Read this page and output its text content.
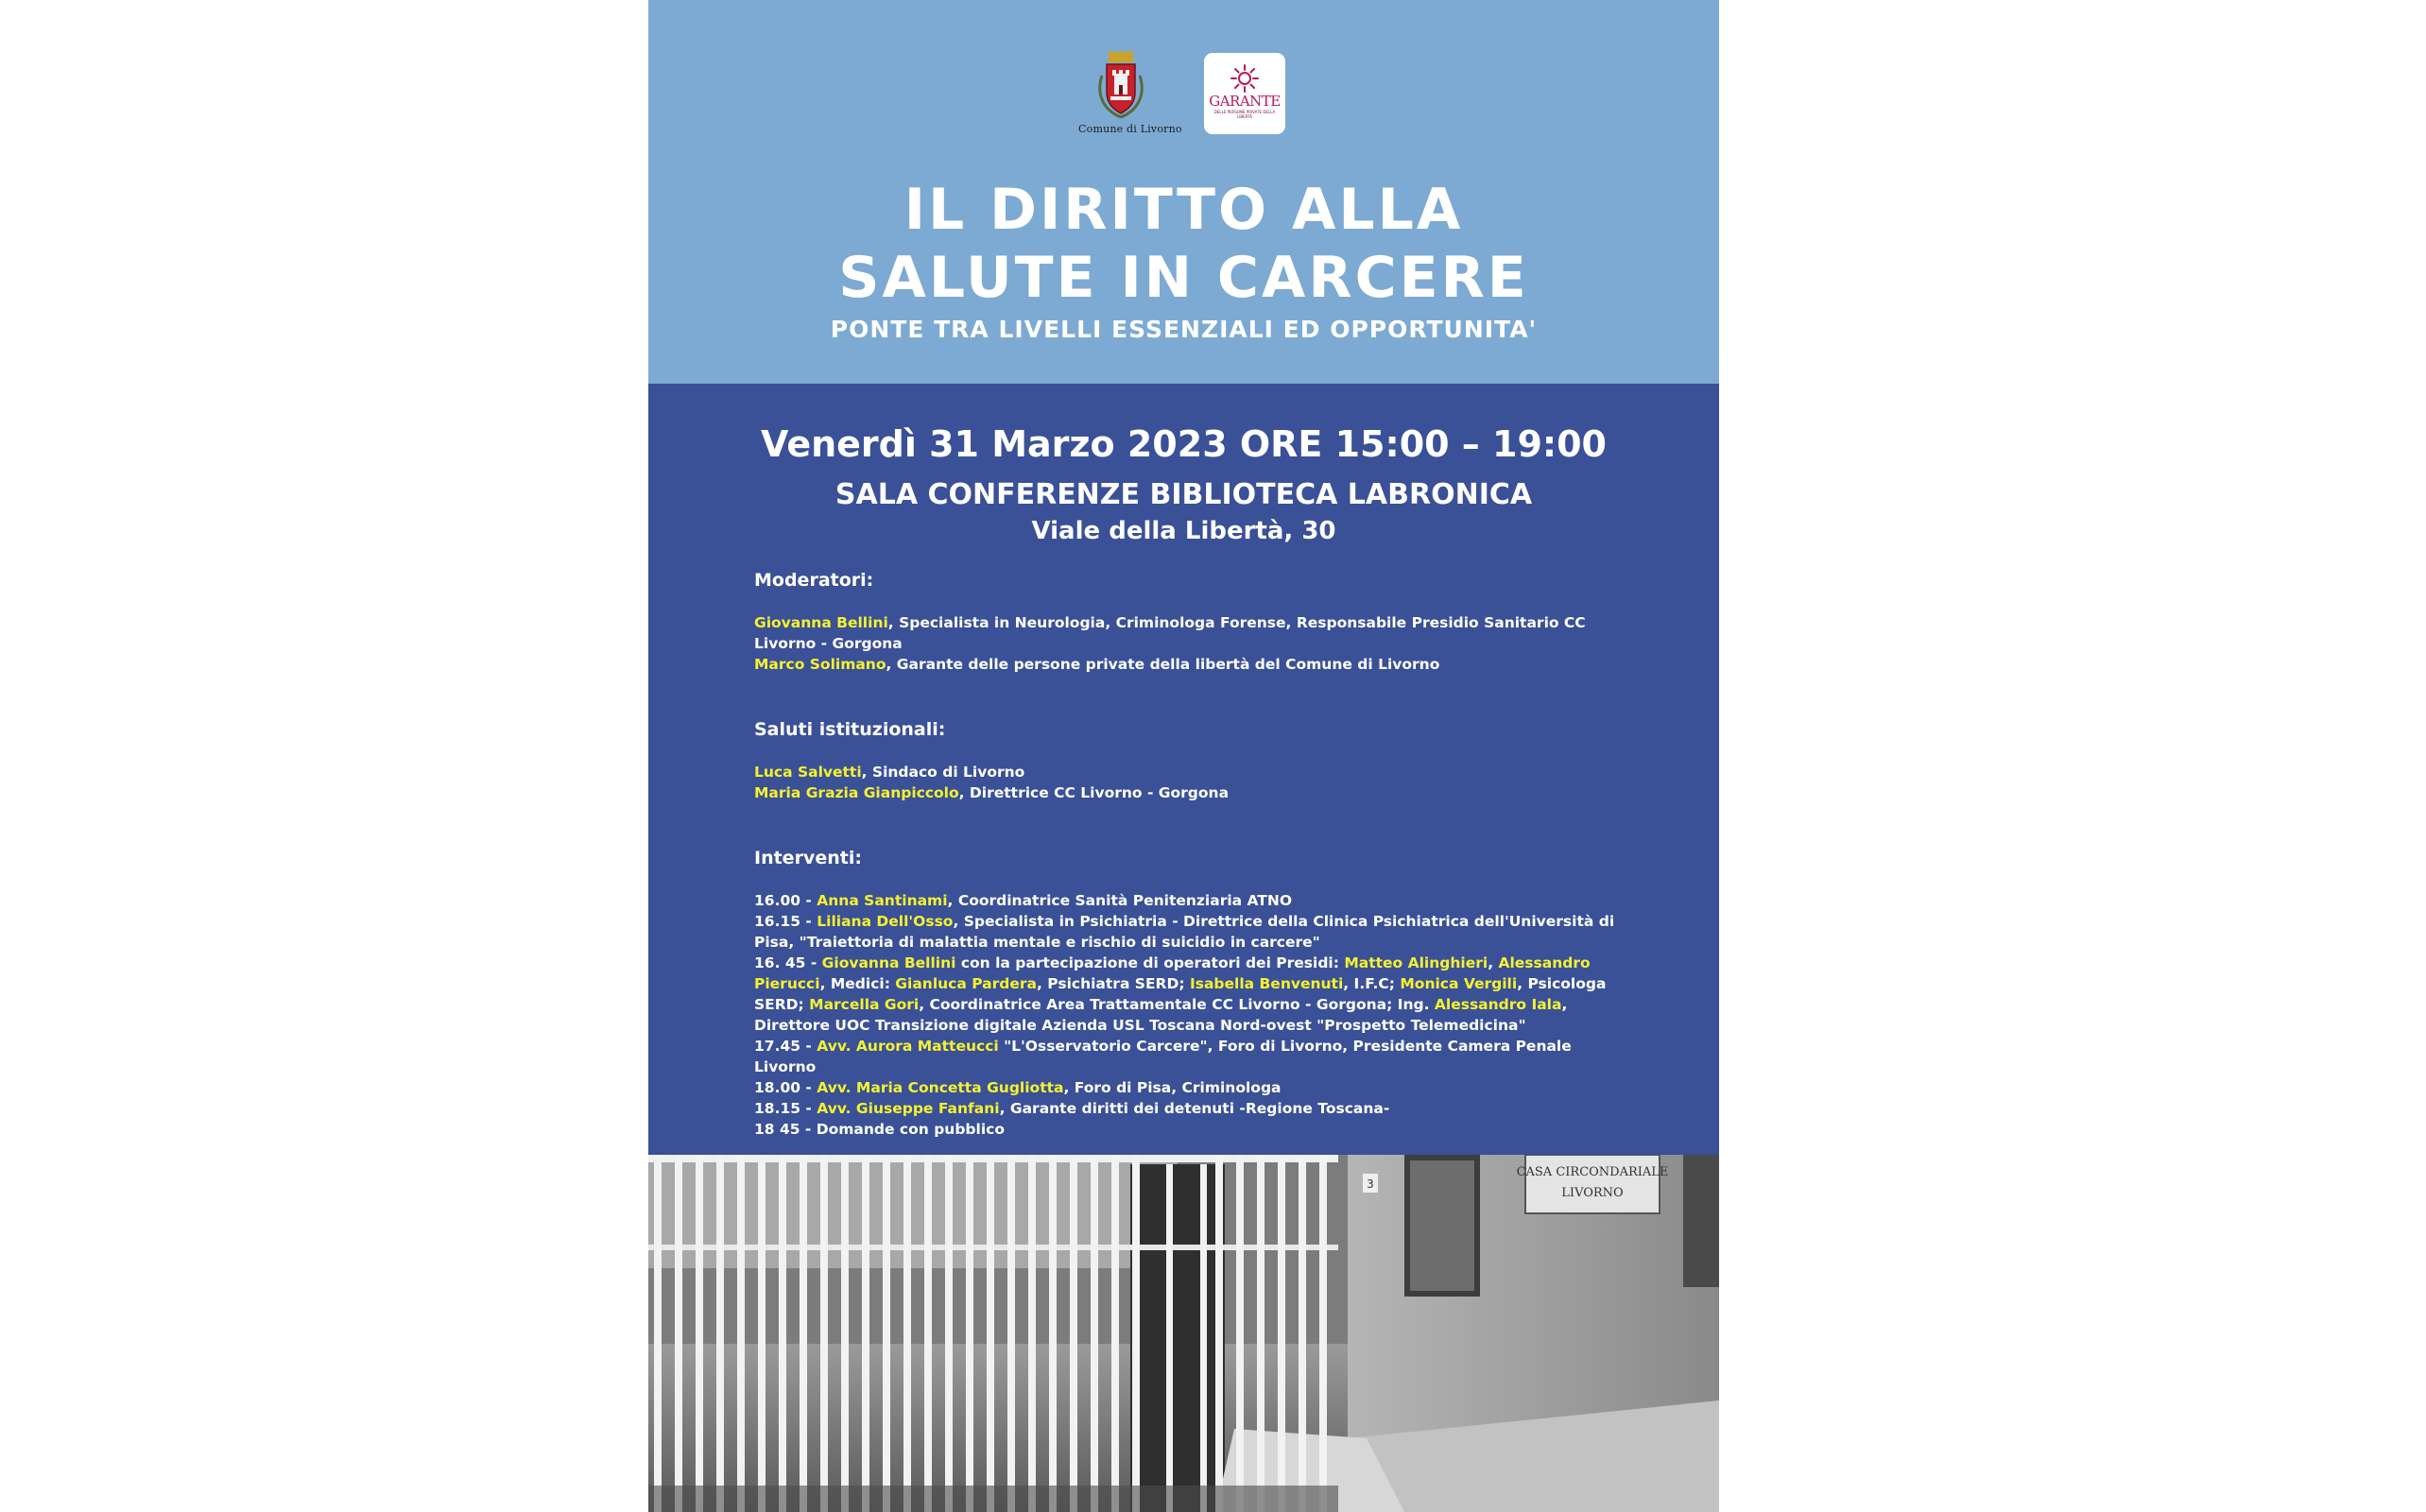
Comune di Livorno
GARANTE
DELLE PERSONE PRIVATE DELLA LIBERTÀ
IL DIRITTO ALLA
SALUTE IN CARCERE

PONTE TRA LIVELLI ESSENZIALI ED OPPORTUNITA'

Venerdì 31 Marzo 2023 ORE 15:00 – 19:00
SALA CONFERENZE BIBLIOTECA LABRONICA
Viale della Libertà, 30
Moderatori:

Giovanna Bellini, Specialista in Neurologia, Criminologa Forense, Responsabile Presidio Sanitario CC Livorno - Gorgona

Marco Solimano, Garante delle persone private della libertà del Comune di Livorno

Saluti istituzionali:

Luca Salvetti, Sindaco di Livorno

Maria Grazia Gianpiccolo, Direttrice CC Livorno - Gorgona

Interventi:

16.00 - Anna Santinami, Coordinatrice Sanità Penitenziaria ATNO

16.15 - Liliana Dell'Osso, Specialista in Psichiatria - Direttrice della Clinica Psichiatrica dell'Università di Pisa, "Traiettoria di malattia mentale e rischio di suicidio in carcere"

16. 45 - Giovanna Bellini con la partecipazione di operatori dei Presidi: Matteo Alinghieri, Alessandro Pierucci, Medici: Gianluca Pardera, Psichiatra SERD; Isabella Benvenuti, I.F.C; Monica Vergili, Psicologa SERD; Marcella Gori, Coordinatrice Area Trattamentale CC Livorno - Gorgona; Ing. Alessandro Iala, Direttore UOC Transizione digitale Azienda USL Toscana Nord-ovest "Prospetto Telemedicina"

17.45 - Avv. Aurora Matteucci "L'Osservatorio Carcere", Foro di Livorno, Presidente Camera Penale Livorno

18.00 - Avv. Maria Concetta Gugliotta, Foro di Pisa, Criminologa

18.15 - Avv. Giuseppe Fanfani, Garante diritti dei detenuti -Regione Toscana-

18 45 - Domande con pubblico

CASA CIRCONDARIALE
LIVORNO
3
